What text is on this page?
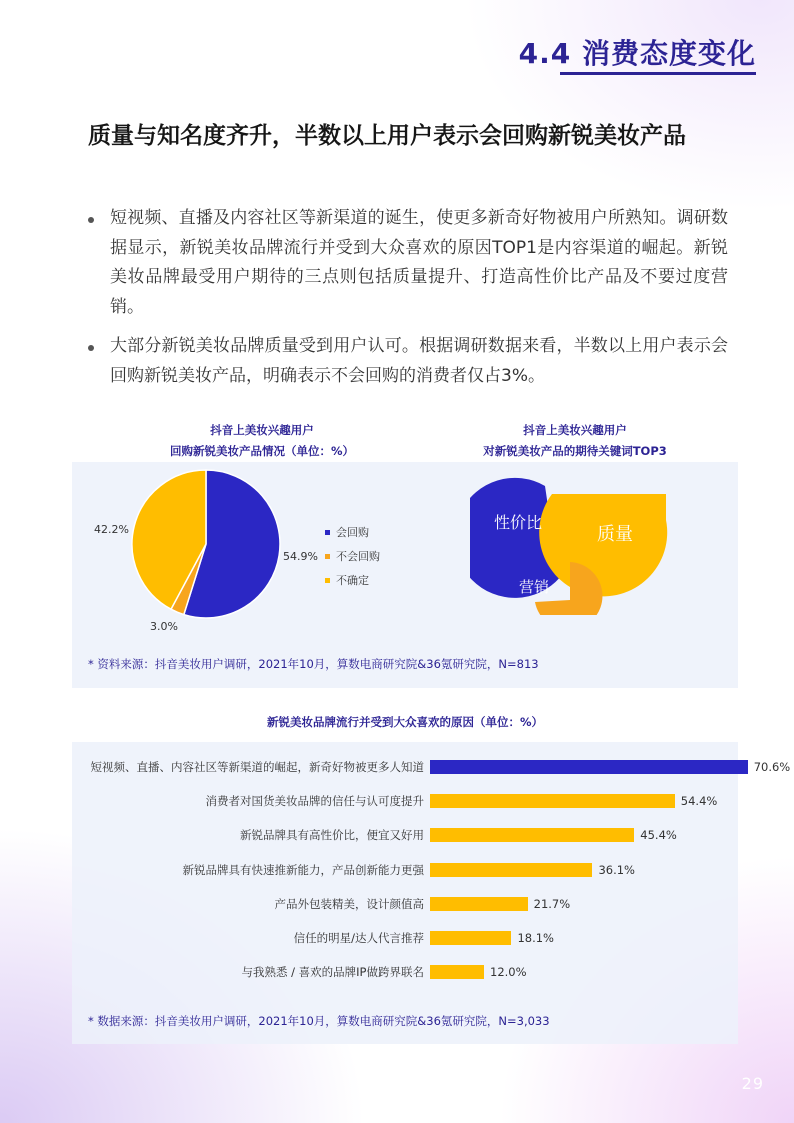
4.4 消费态度变化
质量与知名度齐升，半数以上用户表示会回购新锐美妆产品
短视频、直播及内容社区等新渠道的诞生，使更多新奇好物被用户所熟知。调研数据显示，新锐美妆品牌流行并受到大众喜欢的原因TOP1是内容渠道的崛起。新锐美妆品牌最受用户期待的三点则包括质量提升、打造高性价比产品及不要过度营销。
大部分新锐美妆品牌质量受到用户认可。根据调研数据来看，半数以上用户表示会回购新锐美妆产品，明确表示不会回购的消费者仅占3%。
抖音上美妆兴趣用户
回购新锐美妆产品情况（单位：%）
54.9%
3.0%
42.2%	会回购
不会回购
不确定
抖音上美妆兴趣用户
对新锐美妆产品的期待关键词TOP3
性价比
质量
营销
* 资料来源：抖音美妆用户调研，2021年10月，算数电商研究院&36氪研究院，N=813
新锐美妆品牌流行并受到大众喜欢的原因（单位：%）
短视频、直播、内容社区等新渠道的崛起，新奇好物被更多人知道	70.6%
消费者对国货美妆品牌的信任与认可度提升	54.4%
新锐品牌具有高性价比，便宜又好用	45.4%
新锐品牌具有快速推新能力，产品创新能力更强	36.1%
产品外包装精美，设计颜值高	21.7%
信任的明星/达人代言推荐	18.1%
与我熟悉 / 喜欢的品牌IP做跨界联名	12.0%
* 数据来源：抖音美妆用户调研，2021年10月，算数电商研究院&36氪研究院，N=3,033
29
